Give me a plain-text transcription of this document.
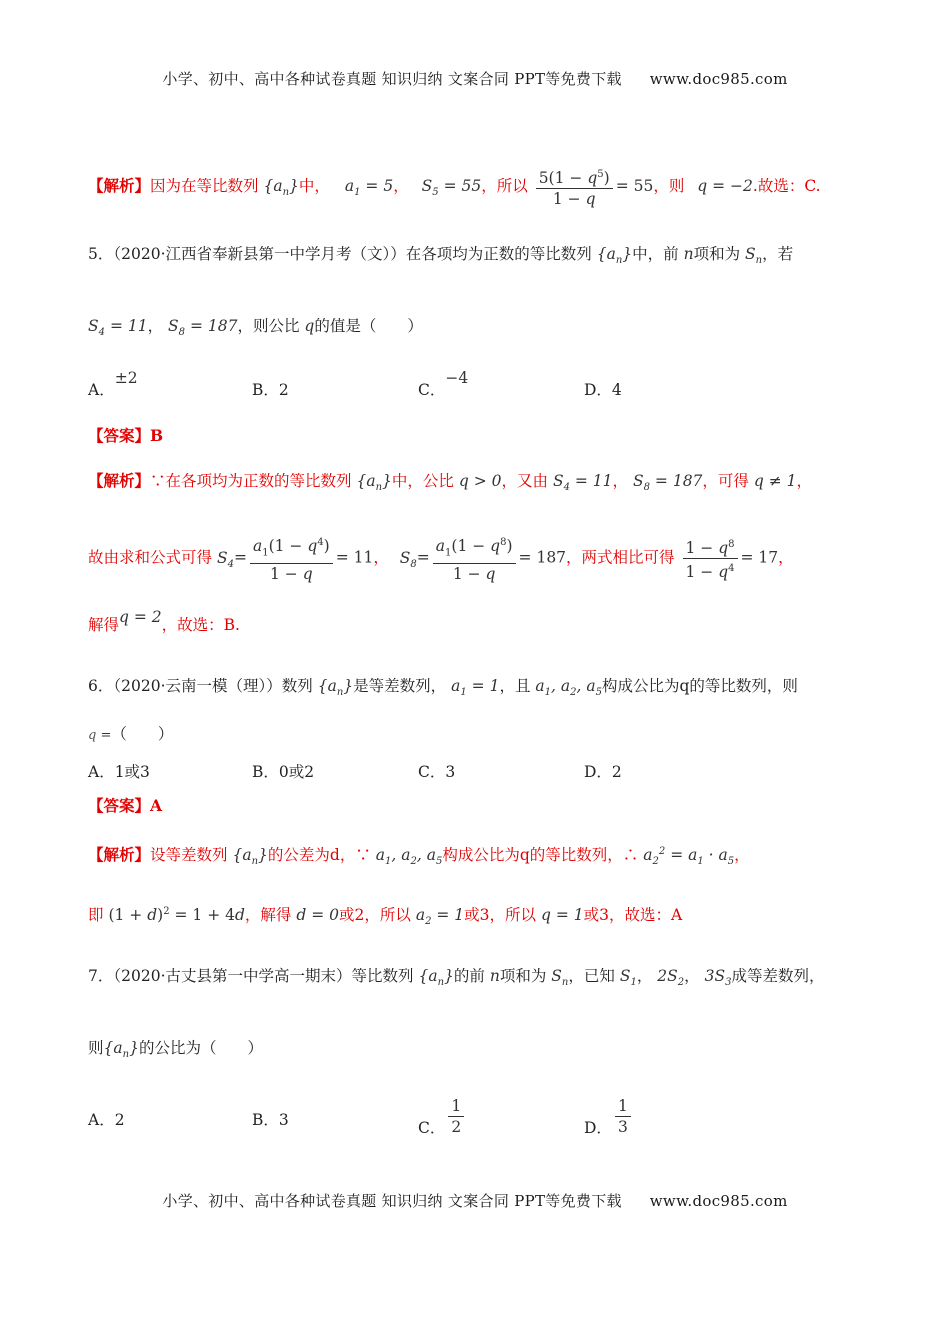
小学、初中、高中各种试卷真题 知识归纳 文案合同 PPT等免费下载 www.doc985.com
【解析】因为在等比数列 $\{a_n\}$中， $a_1 = 5$， $S_5 = 55$，所以 $\frac{5(1 - q^5)}{1 - q} = 55$，则 q = −2.故选：C.
5．（2020·江西省奉新县第一中学月考（文））在各项均为正数的等比数列 $\{a_n\}$中，前 n项和为 $S_n$，若
$S_4 = 11$， $S_8 = 187$，则公比 q的值是（　　）
A．±2
B．2	C．−4
D．4
【答案】B
【解析】∵在各项均为正数的等比数列 $\{a_n\}$中，公比 q > 0，又由 $S_4 = 11$， $S_8 = 187$，可得 q ≠ 1，
故由求和公式可得 $S_4= \frac{a_1(1 - q^4)}{1 - q} = 11$， $S_8= \frac{a_1(1 - q^8)}{1 - q} = 187$，两式相比可得 $\frac{1 - q^8}{1 - q^4} = 17$，
解得q = 2，故选：B.
6．（2020·云南一模（理））数列 $\{a_n\}$是等差数列， $a_1 = 1$，且 $a_1$, $a_2$, $a_5$构成公比为q的等比数列，则
q =（　　）
A．1或3	B．0或2	C．3	D．2
【答案】A
【解析】设等差数列 $\{a_n\}$的公差为d，∵ $a_1$, $a_2$, $a_5$构成公比为q的等比数列，∴ $a_2^2 = a_1 \cdot a_5$，
即 $(1 + d)^2 = 1 + 4d$，解得 d = 0或2，所以 $a_2 = 1$或3，所以 q = 1或3，故选：A
7．（2020·古丈县第一中学高一期末）等比数列 $\{a_n\}$的前 n项和为 $S_n$，已知 $S_1$， $2S_2$， $3S_3$成等差数列，
则$\{a_n\}$的公比为（　　）
A．2	B．3	C． $\frac{1}{2}$	D． $\frac{1}{3}$
小学、初中、高中各种试卷真题 知识归纳 文案合同 PPT等免费下载 www.doc985.com
